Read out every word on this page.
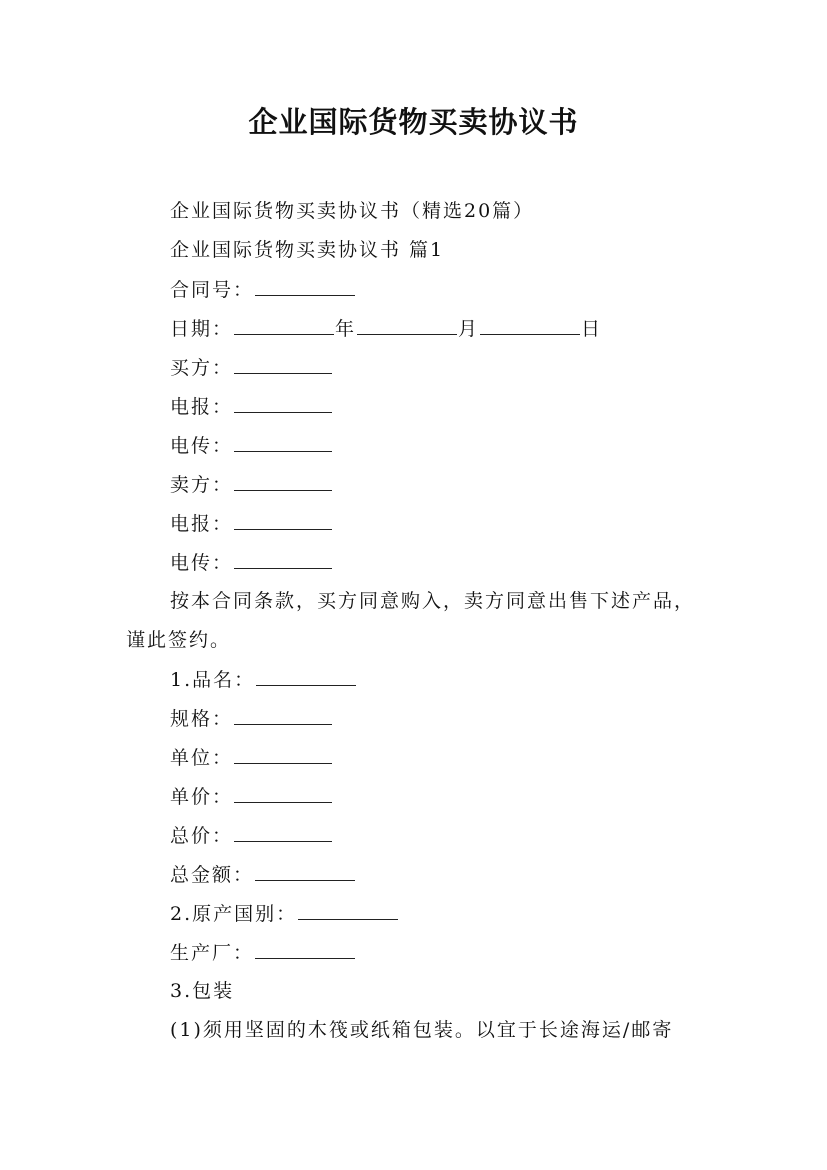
企业国际货物买卖协议书
企业国际货物买卖协议书（精选20篇）
企业国际货物买卖协议书 篇1
合同号：
日期：	年	月	日
买方：
电报：
电传：
卖方：
电报：
电传：
按本合同条款，买方同意购入，卖方同意出售下述产品，
谨此签约。
1.品名：
规格：
单位：
单价：
总价：
总金额：
2.原产国别：
生产厂：
3.包装
(1)须用坚固的木筏或纸箱包装。以宜于长途海运/邮寄
